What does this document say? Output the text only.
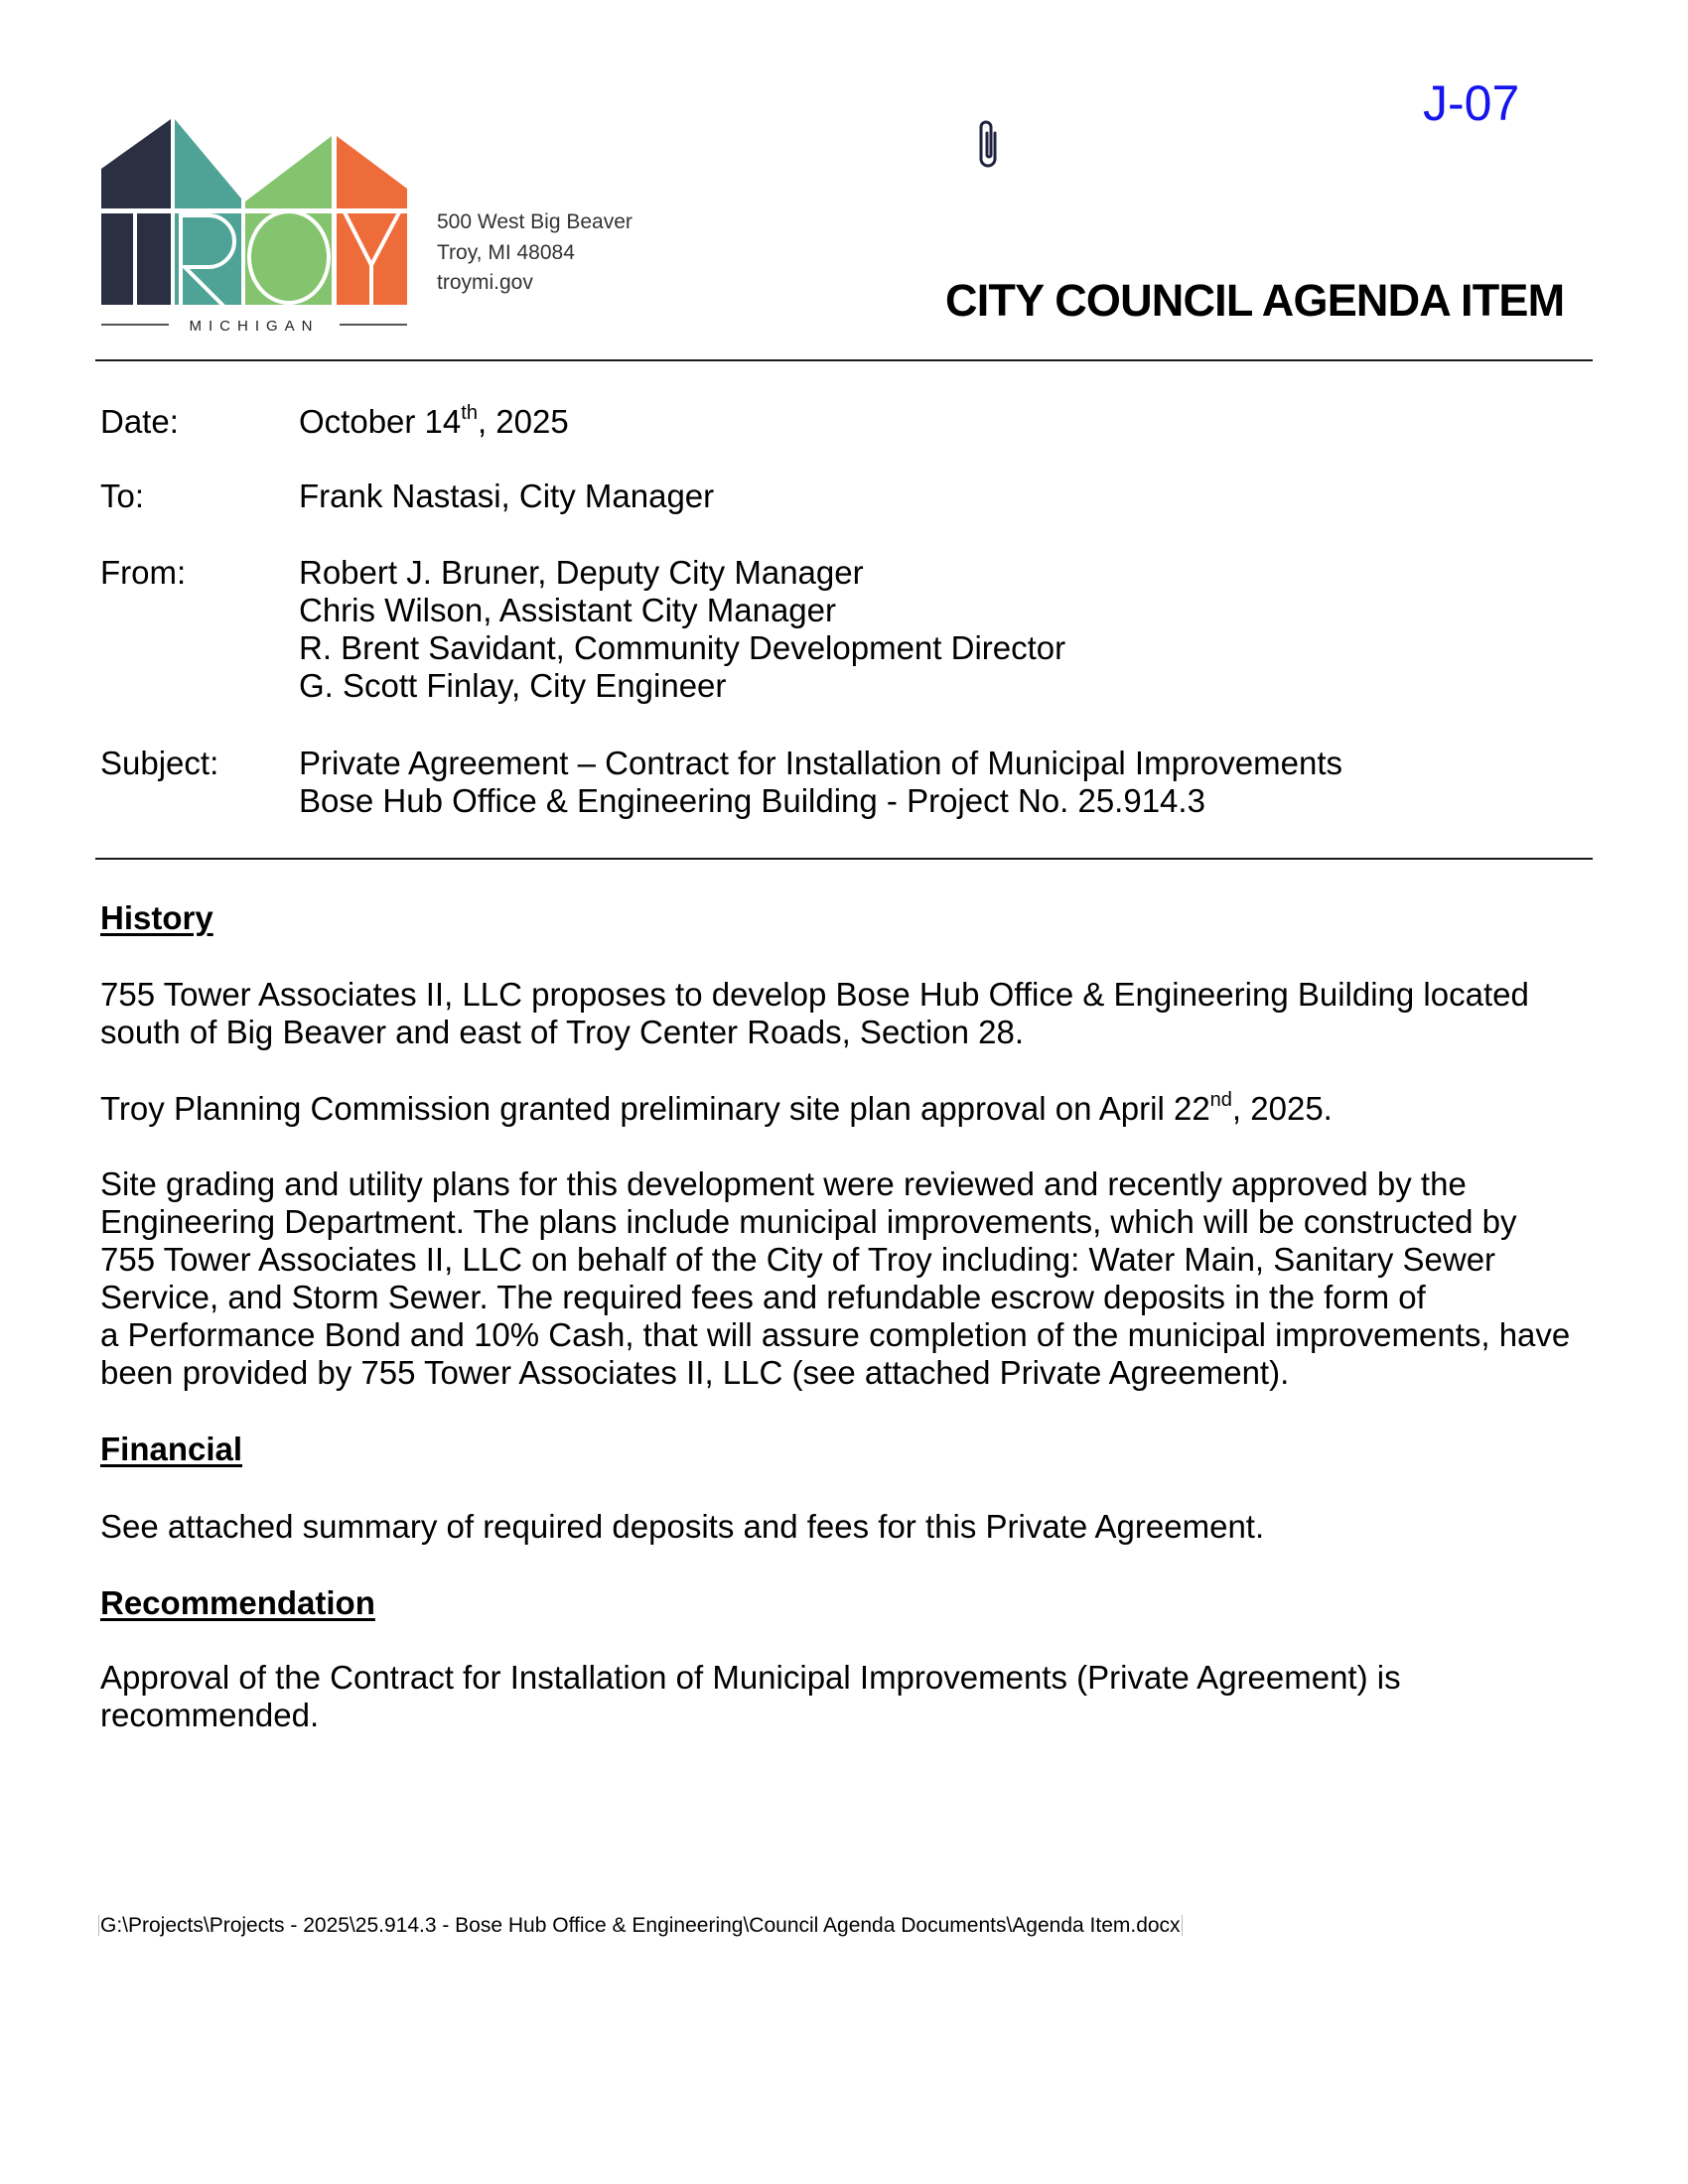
MICHIGAN
500 West Big Beaver
Troy, MI 48084
troymi.gov
J-07
CITY COUNCIL AGENDA ITEM
Date:	October 14th, 2025
To:	Frank Nastasi, City Manager
From:	Robert J. Bruner, Deputy City Manager
Chris Wilson, Assistant City Manager
R. Brent Savidant, Community Development Director
G. Scott Finlay, City Engineer
Subject: Private Agreement – Contract for Installation of Municipal Improvements
Bose Hub Office & Engineering Building - Project No. 25.914.3
History
755 Tower Associates II, LLC proposes to develop Bose Hub Office & Engineering Building located
south of Big Beaver and east of Troy Center Roads, Section 28.
Troy Planning Commission granted preliminary site plan approval on April 22nd, 2025.
Site grading and utility plans for this development were reviewed and recently approved by the
Engineering Department. The plans include municipal improvements, which will be constructed by
755 Tower Associates II, LLC on behalf of the City of Troy including: Water Main, Sanitary Sewer
Service, and Storm Sewer. The required fees and refundable escrow deposits in the form of
a Performance Bond and 10% Cash, that will assure completion of the municipal improvements, have
been provided by 755 Tower Associates II, LLC (see attached Private Agreement).
Financial
See attached summary of required deposits and fees for this Private Agreement.
Recommendation
Approval of the Contract for Installation of Municipal Improvements (Private Agreement) is
recommended.
G:\Projects\Projects - 2025\25.914.3 - Bose Hub Office & Engineering\Council Agenda Documents\Agenda Item.docx
